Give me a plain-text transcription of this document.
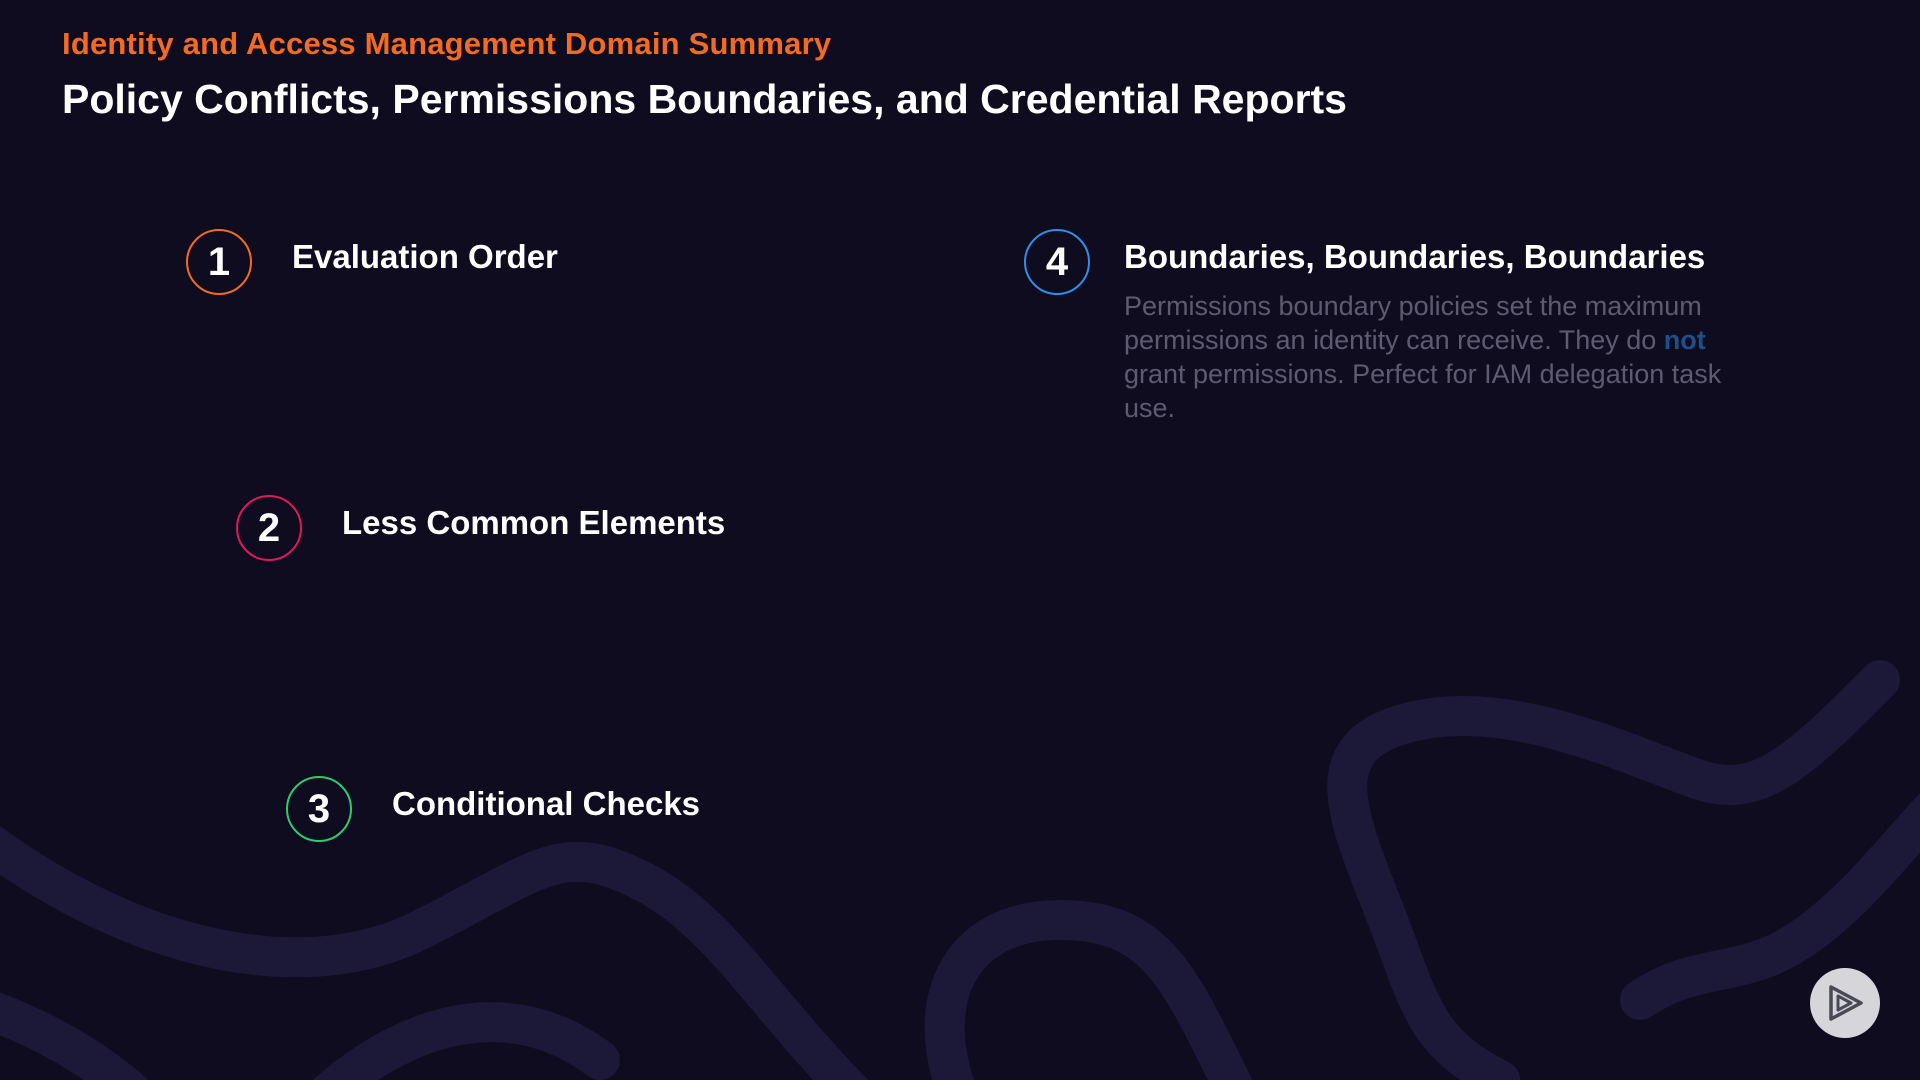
Identity and Access Management Domain Summary
Policy Conflicts, Permissions Boundaries, and Credential Reports
1	Evaluation Order
2	Less Common Elements
3	Conditional Checks
4	Boundaries, Boundaries, Boundaries
Permissions boundary policies set the maximum permissions an identity can receive. They do not grant permissions. Perfect for IAM delegation task use.
